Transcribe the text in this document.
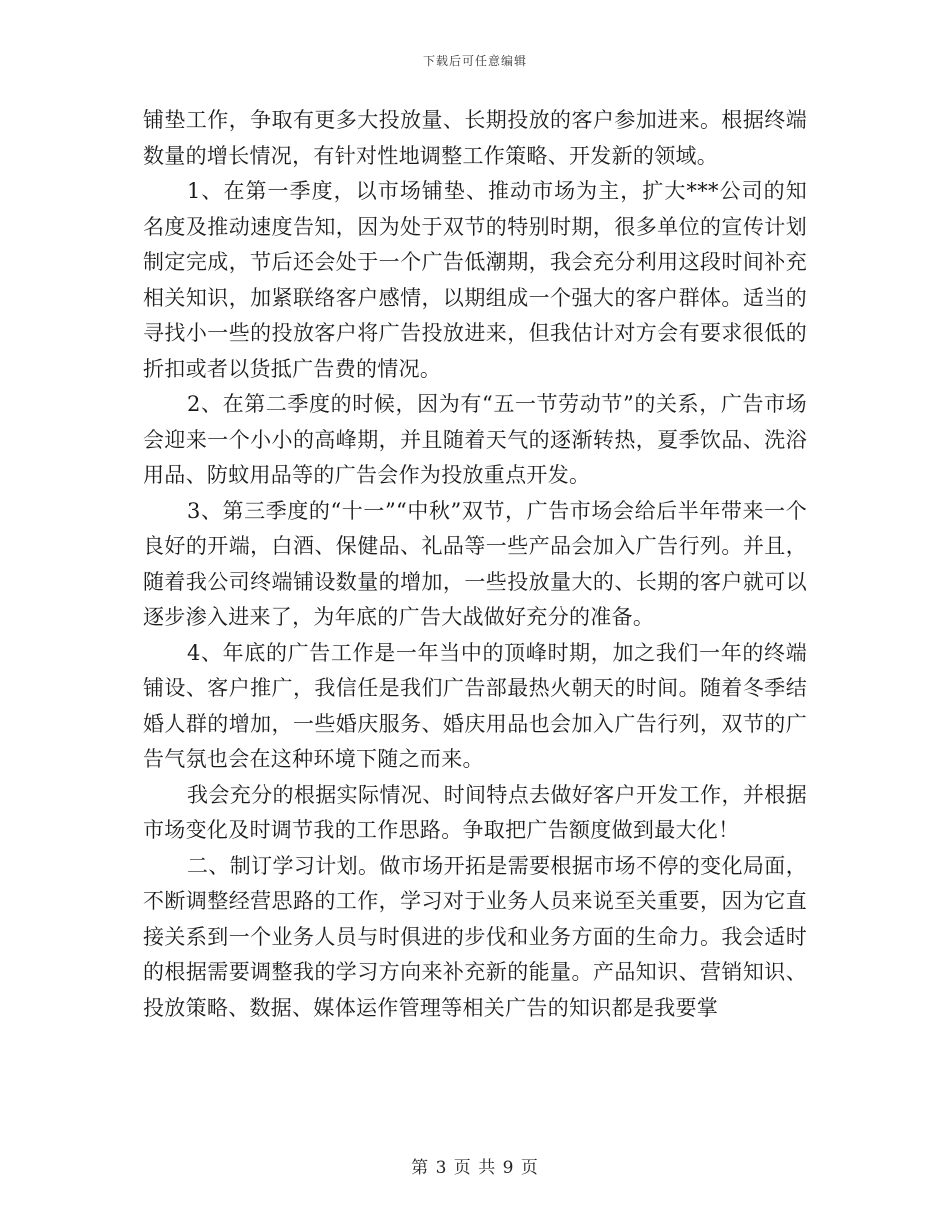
下载后可任意编辑

铺垫工作，争取有更多大投放量、长期投放的客户参加进来。根据终端数量的增长情况，有针对性地调整工作策略、开发新的领域。

1、在第一季度，以市场铺垫、推动市场为主，扩大***公司的知名度及推动速度告知，因为处于双节的特别时期，很多单位的宣传计划制定完成，节后还会处于一个广告低潮期，我会充分利用这段时间补充相关知识，加紧联络客户感情，以期组成一个强大的客户群体。适当的寻找小一些的投放客户将广告投放进来，但我估计对方会有要求很低的折扣或者以货抵广告费的情况。

2、在第二季度的时候，因为有“五一节劳动节”的关系，广告市场会迎来一个小小的高峰期，并且随着天气的逐渐转热，夏季饮品、洗浴用品、防蚊用品等的广告会作为投放重点开发。

3、第三季度的“十一”“中秋”双节，广告市场会给后半年带来一个良好的开端，白酒、保健品、礼品等一些产品会加入广告行列。并且，随着我公司终端铺设数量的增加，一些投放量大的、长期的客户就可以逐步渗入进来了，为年底的广告大战做好充分的准备。

4、年底的广告工作是一年当中的顶峰时期，加之我们一年的终端铺设、客户推广，我信任是我们广告部最热火朝天的时间。随着冬季结婚人群的增加，一些婚庆服务、婚庆用品也会加入广告行列，双节的广告气氛也会在这种环境下随之而来。

我会充分的根据实际情况、时间特点去做好客户开发工作，并根据市场变化及时调节我的工作思路。争取把广告额度做到最大化！

二、制订学习计划。做市场开拓是需要根据市场不停的变化局面，不断调整经营思路的工作，学习对于业务人员来说至关重要，因为它直接关系到一个业务人员与时俱进的步伐和业务方面的生命力。我会适时的根据需要调整我的学习方向来补充新的能量。产品知识、营销知识、投放策略、数据、媒体运作管理等相关广告的知识都是我要掌

第 3 页 共 9 页
